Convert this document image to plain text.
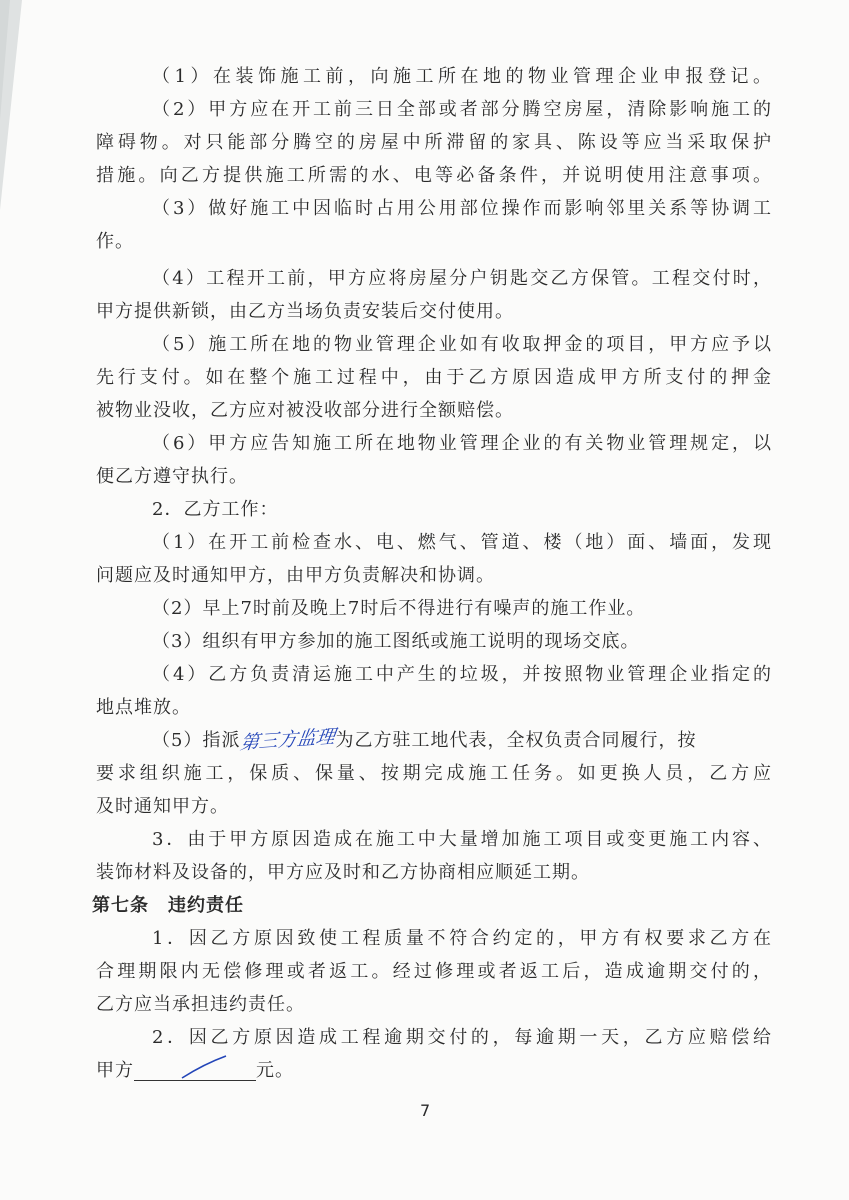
（1）在装饰施工前，向施工所在地的物业管理企业申报登记。
（2）甲方应在开工前三日全部或者部分腾空房屋，清除影响施工的
障碍物。对只能部分腾空的房屋中所滞留的家具、陈设等应当采取保护
措施。向乙方提供施工所需的水、电等必备条件，并说明使用注意事项。
（3）做好施工中因临时占用公用部位操作而影响邻里关系等协调工
作。
（4）工程开工前，甲方应将房屋分户钥匙交乙方保管。工程交付时，
甲方提供新锁，由乙方当场负责安装后交付使用。
（5）施工所在地的物业管理企业如有收取押金的项目，甲方应予以
先行支付。如在整个施工过程中，由于乙方原因造成甲方所支付的押金
被物业没收，乙方应对被没收部分进行全额赔偿。
（6）甲方应告知施工所在地物业管理企业的有关物业管理规定，以
便乙方遵守执行。
2．乙方工作：
（1）在开工前检查水、电、燃气、管道、楼（地）面、墙面，发现
问题应及时通知甲方，由甲方负责解决和协调。
（2）早上7时前及晚上7时后不得进行有噪声的施工作业。
（3）组织有甲方参加的施工图纸或施工说明的现场交底。
（4）乙方负责清运施工中产生的垃圾，并按照物业管理企业指定的
地点堆放。
（5）指派第三方监理为乙方驻工地代表，全权负责合同履行，按
要求组织施工，保质、保量、按期完成施工任务。如更换人员，乙方应
及时通知甲方。
3．由于甲方原因造成在施工中大量增加施工项目或变更施工内容、
装饰材料及设备的，甲方应及时和乙方协商相应顺延工期。
第七条　违约责任
1．因乙方原因致使工程质量不符合约定的，甲方有权要求乙方在
合理期限内无偿修理或者返工。经过修理或者返工后，造成逾期交付的，
乙方应当承担违约责任。
2．因乙方原因造成工程逾期交付的，每逾期一天，乙方应赔偿给
甲方	元。
7
